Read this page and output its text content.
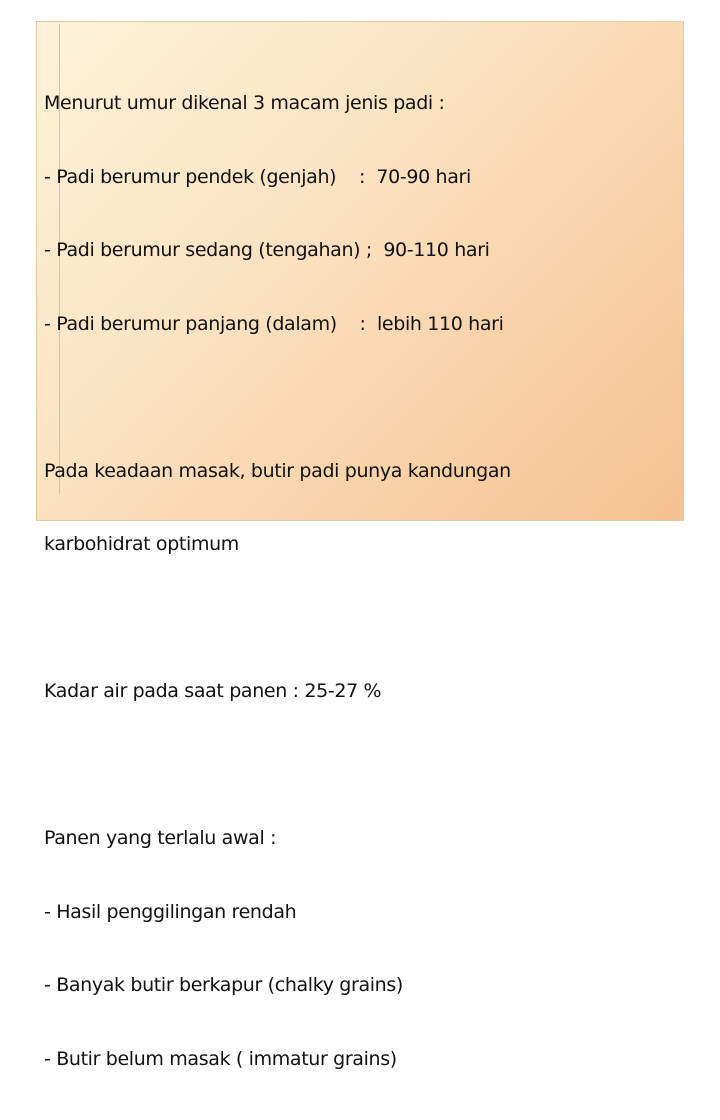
Menurut umur dikenal 3 macam jenis padi :

- Padi berumur pendek (genjah)    :  70-90 hari

- Padi berumur sedang (tengahan) ;  90-110 hari

- Padi berumur panjang (dalam)    :  lebih 110 hari

Pada keadaan masak, butir padi punya kandungan

karbohidrat optimum

Kadar air pada saat panen : 25-27 %

Panen yang terlalu awal :

- Hasil penggilingan rendah

- Banyak butir berkapur (chalky grains)

- Butir belum masak ( immatur grains)
